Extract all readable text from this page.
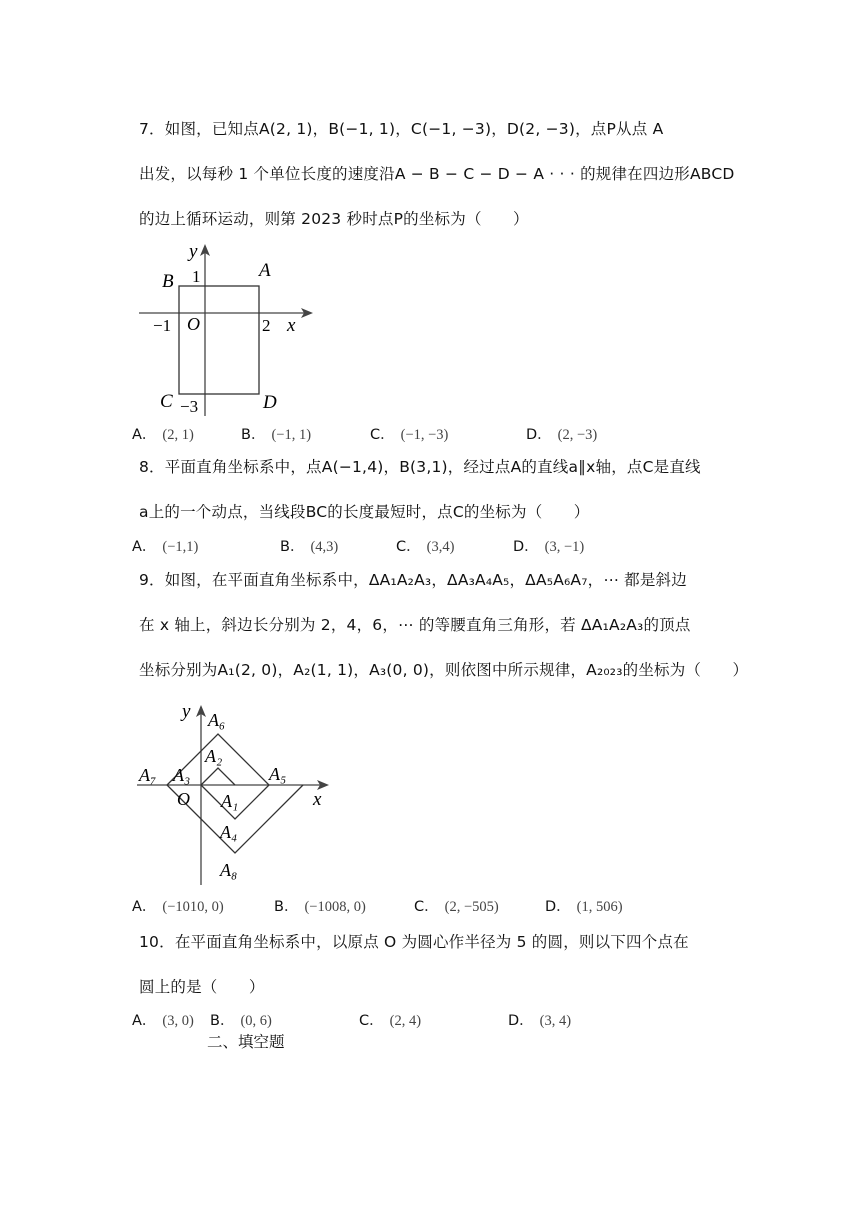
7．如图，已知点A(2, 1)，B(−1, 1)，C(−1, −3)，D(2, −3)，点P从点 A
出发，以每秒 1 个单位长度的速度沿A − B − C − D − A · · · 的规律在四边形ABCD
的边上循环运动，则第 2023 秒时点P的坐标为（　　）
y
x
O
1
−1	2
−3
A
B
C	D
A． (2, 1)	B． (−1, 1)	C． (−1, −3)	D． (2, −3)
8．平面直角坐标系中，点A(−1,4)，B(3,1)，经过点A的直线a∥x轴，点C是直线
a上的一个动点，当线段BC的长度最短时，点C的坐标为（　　）
A． (−1,1)	B． (4,3)	C． (3,4)	D． (3, −1)
9．如图，在平面直角坐标系中，ΔA₁A₂A₃，ΔA₃A₄A₅，ΔA₅A₆A₇，⋯ 都是斜边
在 x 轴上，斜边长分别为 2，4，6，⋯ 的等腰直角三角形，若 ΔA₁A₂A₃的顶点
坐标分别为A₁(2, 0)，A₂(1, 1)，A₃(0, 0)，则依图中所示规律，A₂₀₂₃的坐标为（　　）
y
x
O A₁
A₂
A₃
A₄
A₅
A₆
A₇
A₈
A． (−1010, 0)	B． (−1008, 0)	C． (2, −505)	D． (1, 506)
10．在平面直角坐标系中，以原点 O 为圆心作半径为 5 的圆，则以下四个点在
圆上的是（　　）
A． (3, 0) B． (0, 6)	C． (2, 4)	D． (3, 4)
二、填空题
